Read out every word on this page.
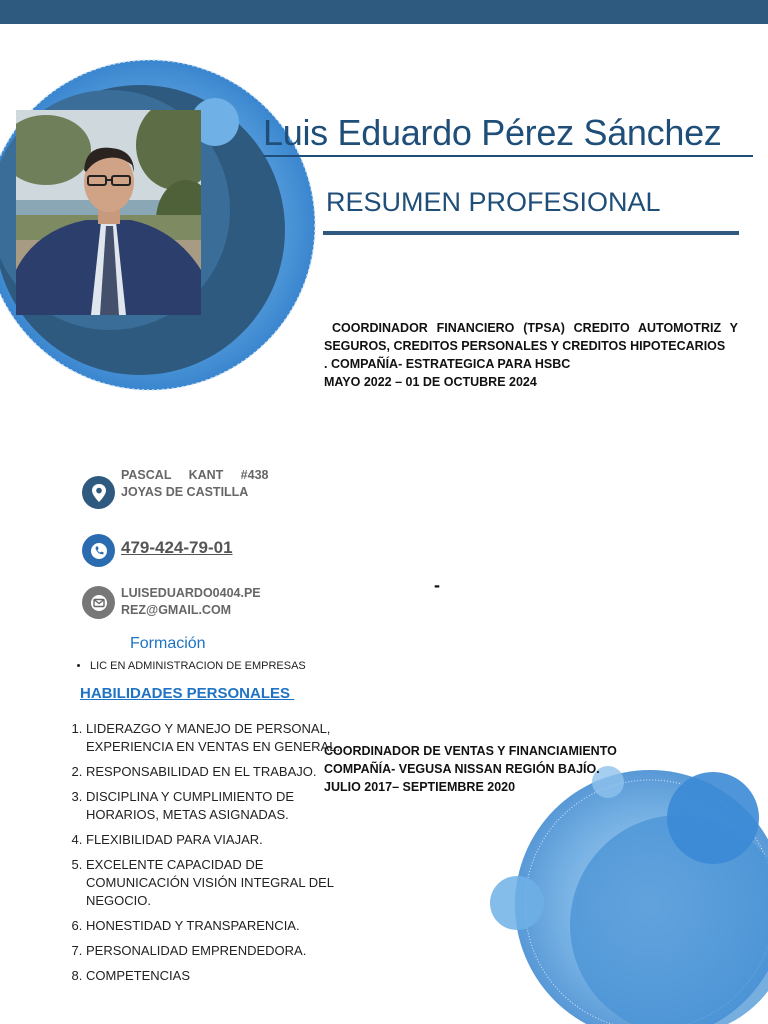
Luis Eduardo Pérez Sánchez
RESUMEN PROFESIONAL
COORDINADOR FINANCIERO (TPSA) CREDITO AUTOMOTRIZ Y
SEGUROS, CREDITOS PERSONALES Y CREDITOS HIPOTECARIOS
. COMPAÑÍA- ESTRATEGICA PARA HSBC
MAYO 2022 – 01 DE OCTUBRE 2024
COORDINADOR DE VENTAS Y FINANCIAMIENTO
COMPAÑÍA- VEGUSA NISSAN REGIÓN BAJÍO.
JULIO 2017– SEPTIEMBRE 2020
PASCAL     KANT     #438
JOYAS DE CASTILLA
479-424-79-01
LUISEDUARDO0404.PE
REZ@GMAIL.COM
-
Formación
• LIC EN ADMINISTRACION DE EMPRESAS
HABILIDADES PERSONALES
1. LIDERAZGO Y MANEJO DE PERSONAL, EXPERIENCIA EN VENTAS EN GENERAL.
2. RESPONSABILIDAD EN EL TRABAJO.
3. DISCIPLINA Y CUMPLIMIENTO DE HORARIOS, METAS ASIGNADAS.
4. FLEXIBILIDAD PARA VIAJAR.
5. EXCELENTE CAPACIDAD DE COMUNICACIÓN VISIÓN INTEGRAL DEL NEGOCIO.
6. HONESTIDAD Y TRANSPARENCIA.
7. PERSONALIDAD EMPRENDEDORA.
8. COMPETENCIAS
